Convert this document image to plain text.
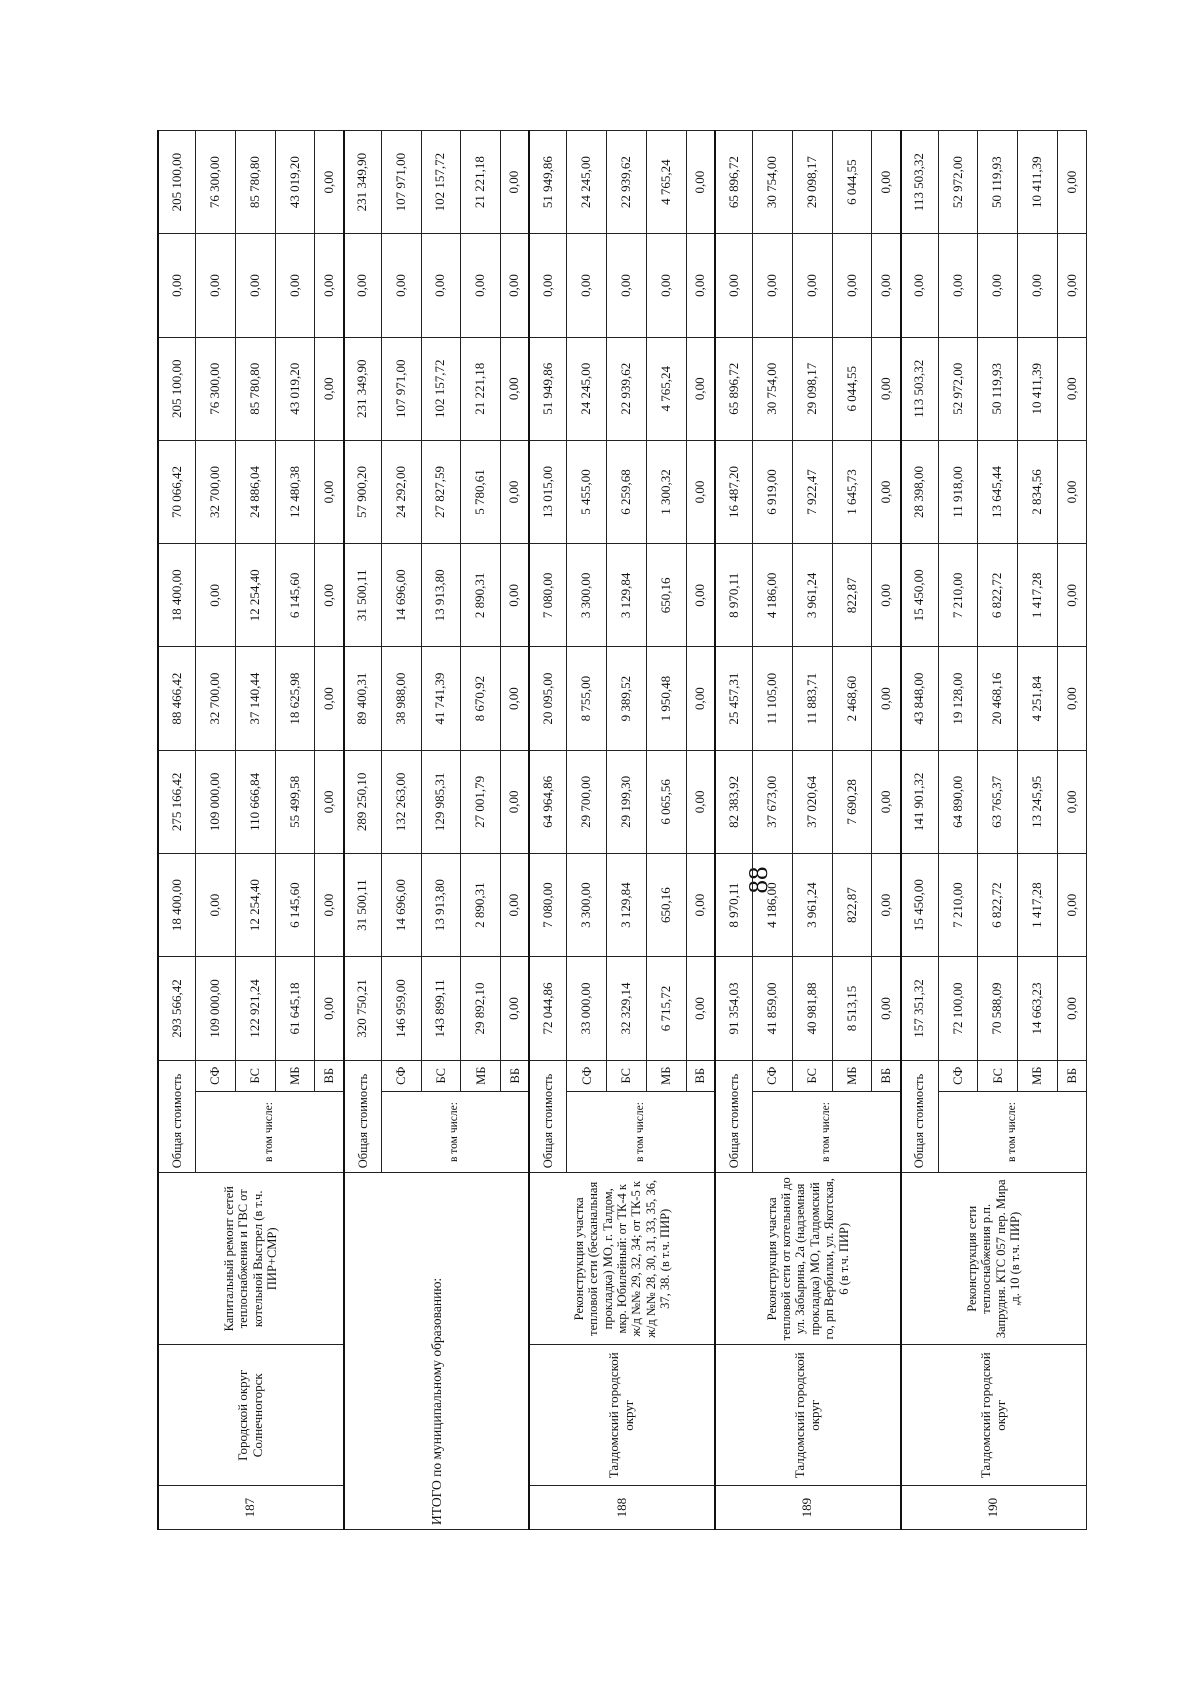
88
187	Городской округ Солнечногорск	Капитальный ремонт сетей теплоснабжения и ГВС от котельной Выстрел (в т.ч. ПИР+СМР)	Общая стоимость		293 566,42	18 400,00	275 166,42	88 466,42	18 400,00	70 066,42	205 100,00	0,00	205 100,00
			в том числе:	СФ	109 000,00	0,00	109 000,00	32 700,00	0,00	32 700,00	76 300,00	0,00	76 300,00
				БС	122 921,24	12 254,40	110 666,84	37 140,44	12 254,40	24 886,04	85 780,80	0,00	85 780,80
				МБ	61 645,18	6 145,60	55 499,58	18 625,98	6 145,60	12 480,38	43 019,20	0,00	43 019,20
				ВБ	0,00	0,00	0,00	0,00	0,00	0,00	0,00	0,00	0,00
ИТОГО по муниципальному образованию:			Общая стоимость		320 750,21	31 500,11	289 250,10	89 400,31	31 500,11	57 900,20	231 349,90	0,00	231 349,90
			в том числе:	СФ	146 959,00	14 696,00	132 263,00	38 988,00	14 696,00	24 292,00	107 971,00	0,00	107 971,00
				БС	143 899,11	13 913,80	129 985,31	41 741,39	13 913,80	27 827,59	102 157,72	0,00	102 157,72
				МБ	29 892,10	2 890,31	27 001,79	8 670,92	2 890,31	5 780,61	21 221,18	0,00	21 221,18
				ВБ	0,00	0,00	0,00	0,00	0,00	0,00	0,00	0,00	0,00
188	Талдомский городской округ	Реконструкция участка тепловой сети (бесканальная прокладка) МО, г. Талдом, мкр. Юбилейный: от ТК-4 к ж/д №№ 29, 32, 34; от ТК-5 к ж/д №№ 28, 30, 31, 33, 35, 36, 37, 38. (в т.ч. ПИР)	Общая стоимость		72 044,86	7 080,00	64 964,86	20 095,00	7 080,00	13 015,00	51 949,86	0,00	51 949,86
			в том числе:	СФ	33 000,00	3 300,00	29 700,00	8 755,00	3 300,00	5 455,00	24 245,00	0,00	24 245,00
				БС	32 329,14	3 129,84	29 199,30	9 389,52	3 129,84	6 259,68	22 939,62	0,00	22 939,62
				МБ	6 715,72	650,16	6 065,56	1 950,48	650,16	1 300,32	4 765,24	0,00	4 765,24
				ВБ	0,00	0,00	0,00	0,00	0,00	0,00	0,00	0,00	0,00
189	Талдомский городской округ	Реконструкция участка тепловой сети от котельной до ул. Забырина, 2а (надземная прокладка) МО, Талдомский го, рп Вербилки, ул. Якотская, 6 (в т.ч. ПИР)	Общая стоимость		91 354,03	8 970,11	82 383,92	25 457,31	8 970,11	16 487,20	65 896,72	0,00	65 896,72
			в том числе:	СФ	41 859,00	4 186,00	37 673,00	11 105,00	4 186,00	6 919,00	30 754,00	0,00	30 754,00
				БС	40 981,88	3 961,24	37 020,64	11 883,71	3 961,24	7 922,47	29 098,17	0,00	29 098,17
				МБ	8 513,15	822,87	7 690,28	2 468,60	822,87	1 645,73	6 044,55	0,00	6 044,55
				ВБ	0,00	0,00	0,00	0,00	0,00	0,00	0,00	0,00	0,00
190	Талдомский городской округ	Реконструкция сети теплоснабжения р.п. Запрудня. КТС 057 пер. Мира ,д. 10 (в т.ч. ПИР)	Общая стоимость		157 351,32	15 450,00	141 901,32	43 848,00	15 450,00	28 398,00	113 503,32	0,00	113 503,32
			в том числе:	СФ	72 100,00	7 210,00	64 890,00	19 128,00	7 210,00	11 918,00	52 972,00	0,00	52 972,00
				БС	70 588,09	6 822,72	63 765,37	20 468,16	6 822,72	13 645,44	50 119,93	0,00	50 119,93
				МБ	14 663,23	1 417,28	13 245,95	4 251,84	1 417,28	2 834,56	10 411,39	0,00	10 411,39
				ВБ	0,00	0,00	0,00	0,00	0,00	0,00	0,00	0,00	0,00
